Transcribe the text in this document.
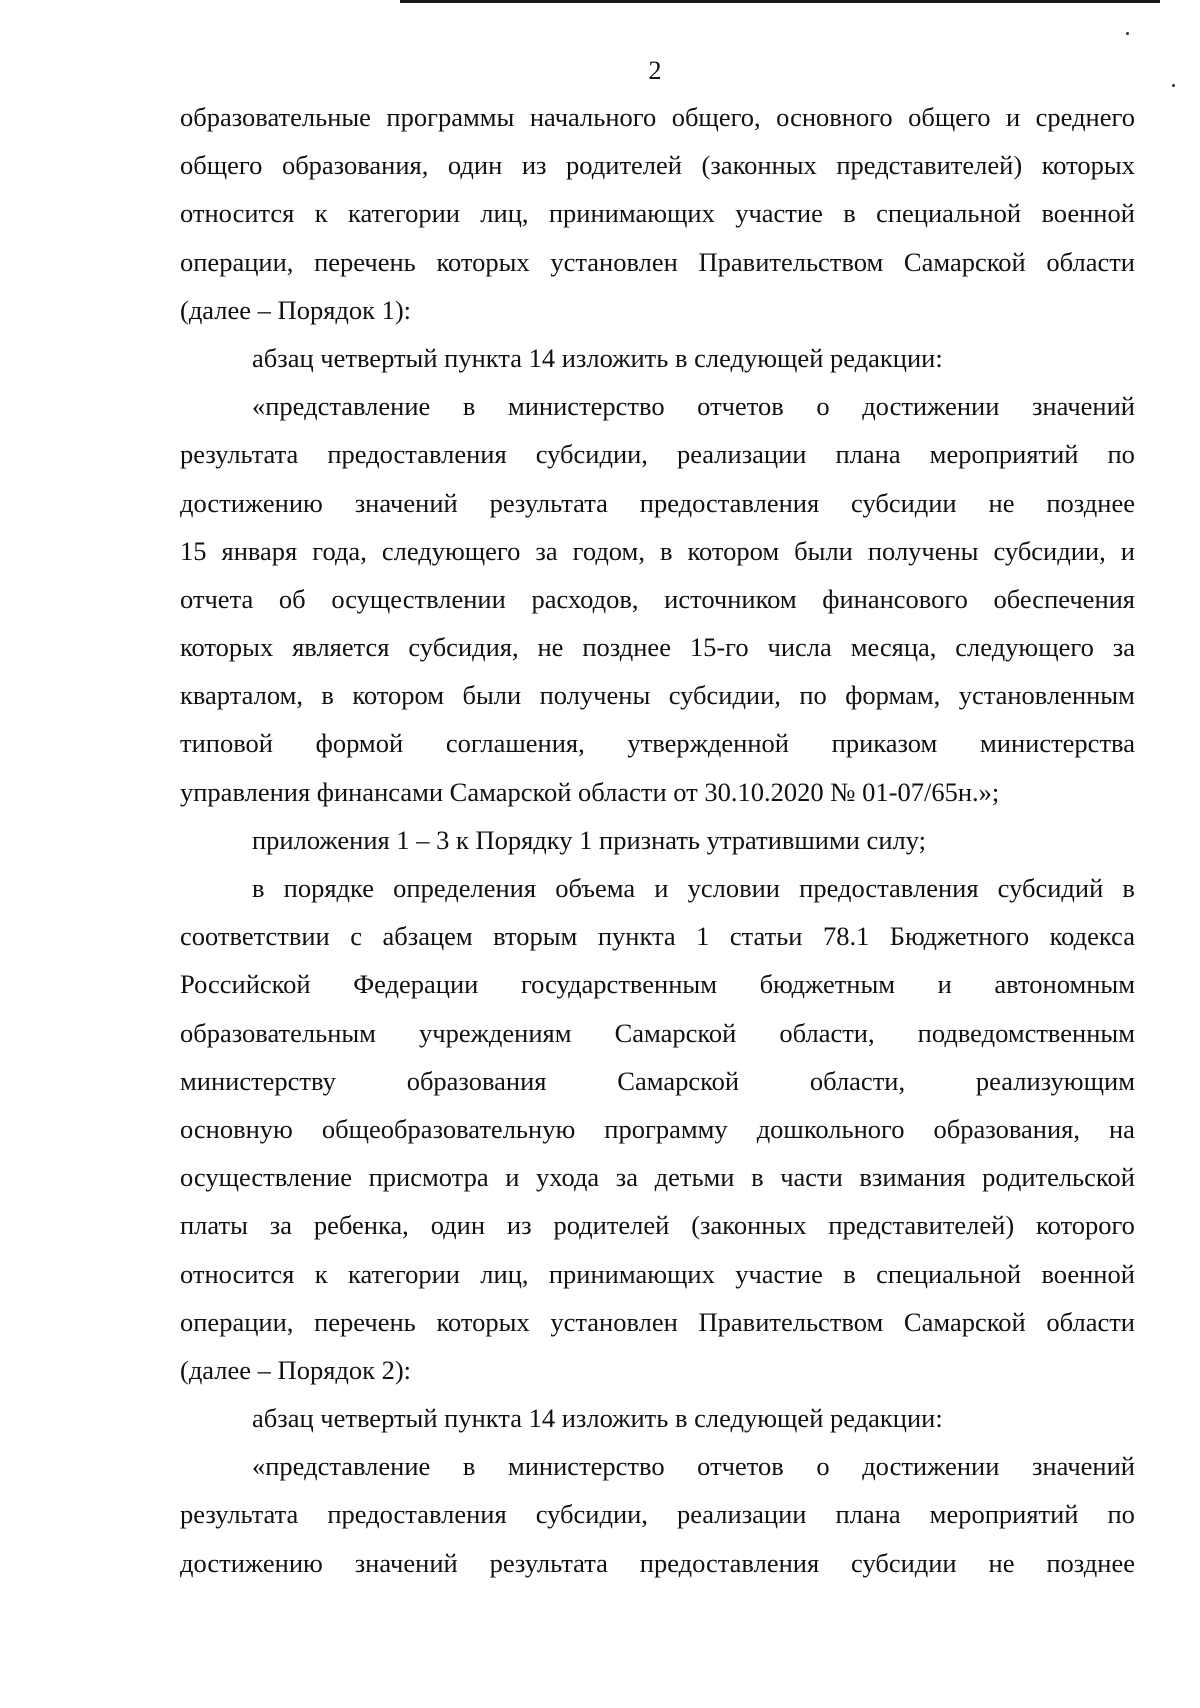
2
образовательные программы начального общего, основного общего и среднего
общего образования, один из родителей (законных представителей) которых
относится к категории лиц, принимающих участие в специальной военной
операции, перечень которых установлен Правительством Самарской области
(далее – Порядок 1):
абзац четвертый пункта 14 изложить в следующей редакции:
«представление в министерство отчетов о достижении значений
результата предоставления субсидии, реализации плана мероприятий по
достижению значений результата предоставления субсидии не позднее
15 января года, следующего за годом, в котором были получены субсидии, и
отчета об осуществлении расходов, источником финансового обеспечения
которых является субсидия, не позднее 15-го числа месяца, следующего за
кварталом, в котором были получены субсидии, по формам, установленным
типовой формой соглашения, утвержденной приказом министерства
управления финансами Самарской области от 30.10.2020 № 01-07/65н.»;
приложения 1 – 3 к Порядку 1 признать утратившими силу;
в порядке определения объема и условии предоставления субсидий в
соответствии с абзацем вторым пункта 1 статьи 78.1 Бюджетного кодекса
Российской Федерации государственным бюджетным и автономным
образовательным учреждениям Самарской области, подведомственным
министерству	образования	Самарской	области,	реализующим
основную общеобразовательную программу дошкольного образования, на
осуществление присмотра и ухода за детьми в части взимания родительской
платы за ребенка, один из родителей (законных представителей) которого
относится к категории лиц, принимающих участие в специальной военной
операции, перечень которых установлен Правительством Самарской области
(далее – Порядок 2):
абзац четвертый пункта 14 изложить в следующей редакции:
«представление в министерство отчетов о достижении значений
результата предоставления субсидии, реализации плана мероприятий по
достижению значений результата предоставления субсидии не позднее
